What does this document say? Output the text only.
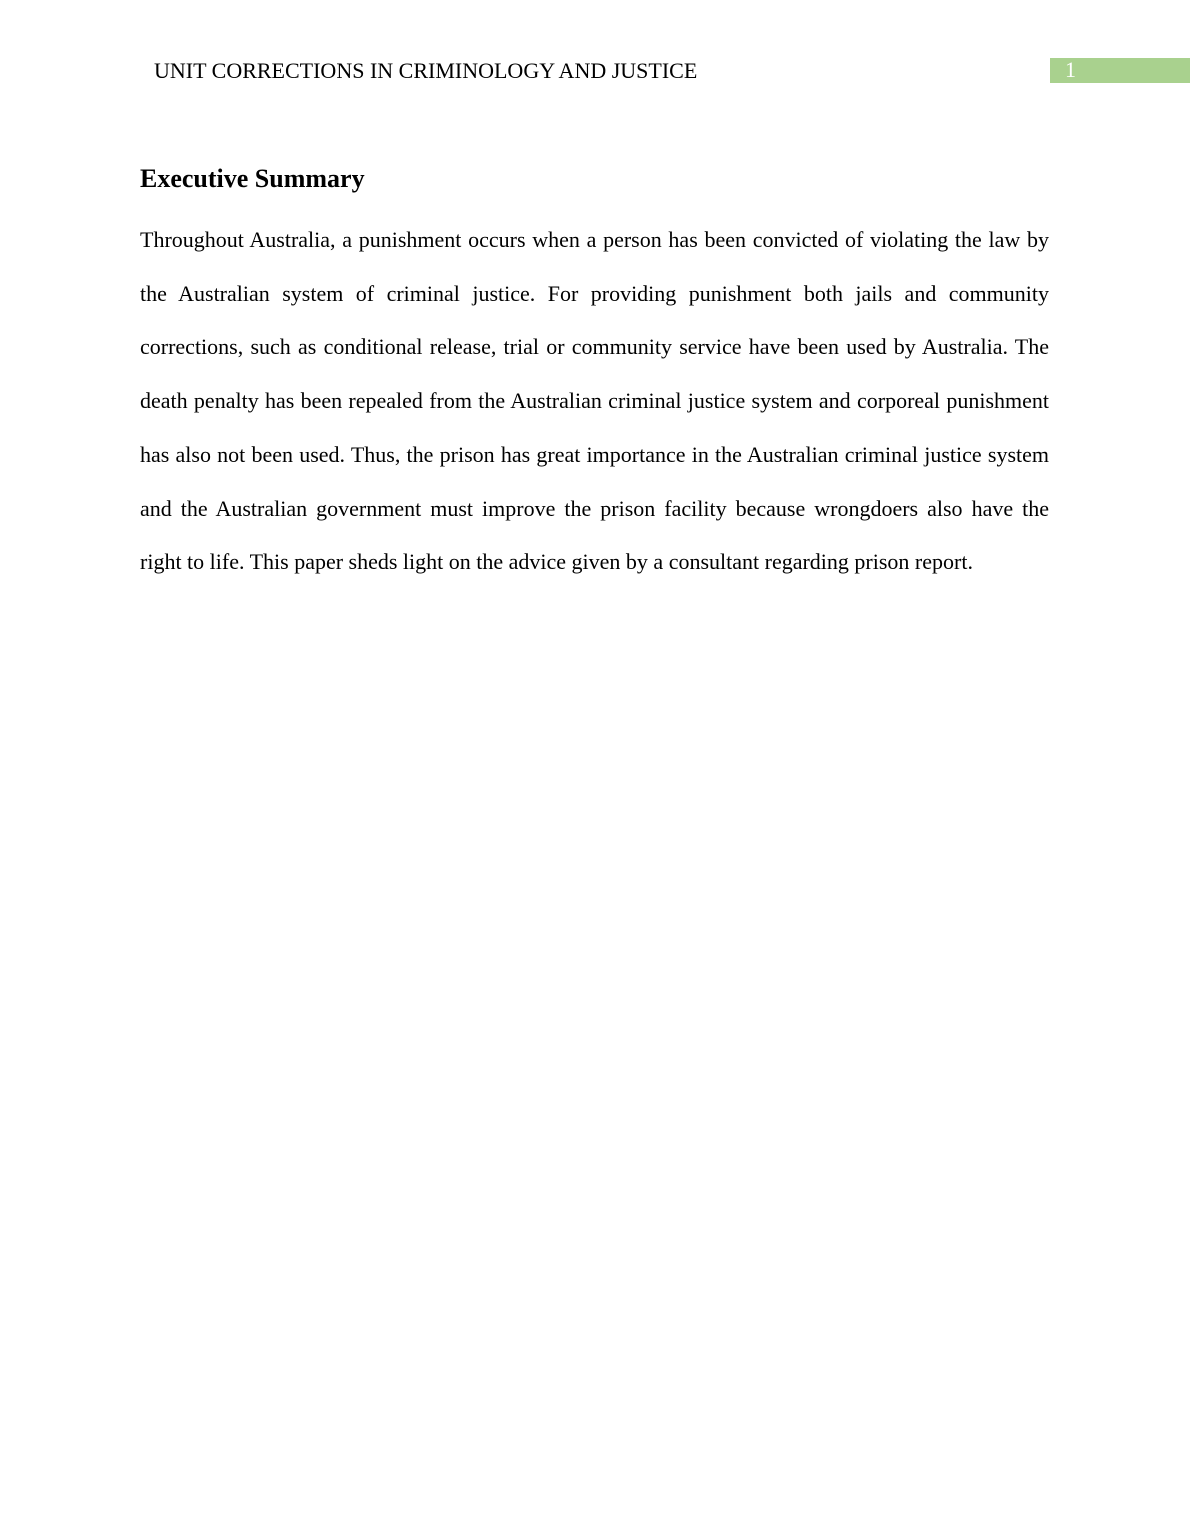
UNIT CORRECTIONS IN CRIMINOLOGY AND JUSTICE	1
Executive Summary

Throughout Australia, a punishment occurs when a person has been convicted of violating the law by the Australian system of criminal justice. For providing punishment both jails and community corrections, such as conditional release, trial or community service have been used by Australia. The death penalty has been repealed from the Australian criminal justice system and corporeal punishment has also not been used. Thus, the prison has great importance in the Australian criminal justice system and the Australian government must improve the prison facility because wrongdoers also have the right to life. This paper sheds light on the advice given by a consultant regarding prison report.
